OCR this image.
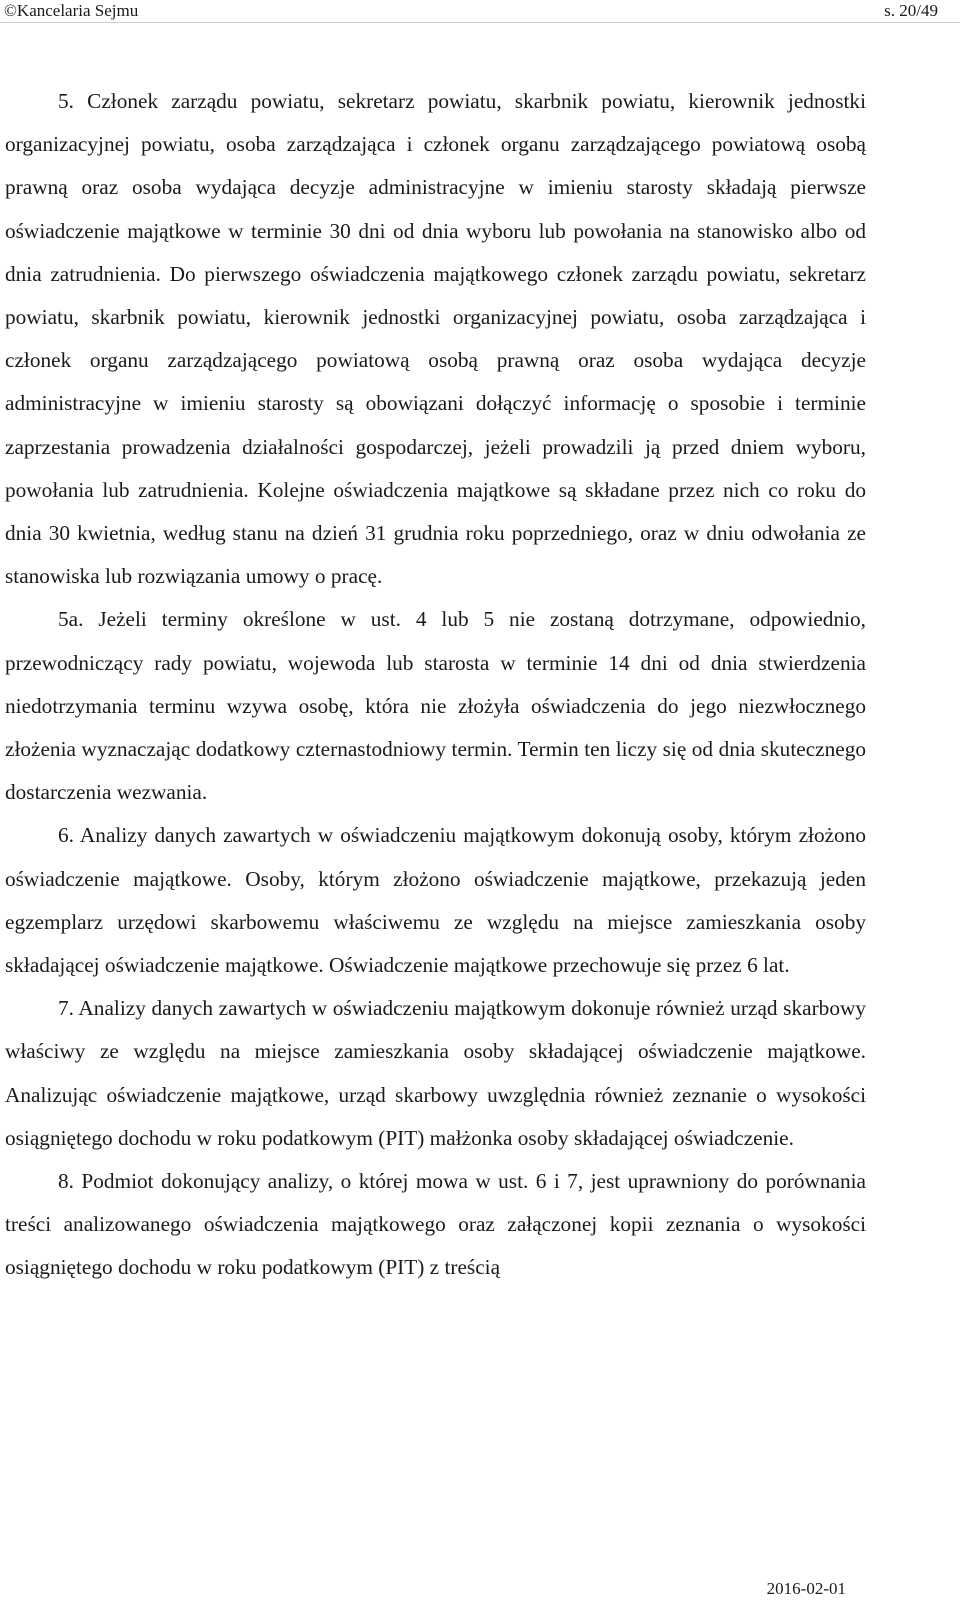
©Kancelaria Sejmu	s. 20/49

5. Członek zarządu powiatu, sekretarz powiatu, skarbnik powiatu, kierownik jednostki organizacyjnej powiatu, osoba zarządzająca i członek organu zarządzającego powiatową osobą prawną oraz osoba wydająca decyzje administracyjne w imieniu starosty składają pierwsze oświadczenie majątkowe w terminie 30 dni od dnia wyboru lub powołania na stanowisko albo od dnia zatrudnienia. Do pierwszego oświadczenia majątkowego członek zarządu powiatu, sekretarz powiatu, skarbnik powiatu, kierownik jednostki organizacyjnej powiatu, osoba zarządzająca i członek organu zarządzającego powiatową osobą prawną oraz osoba wydająca decyzje administracyjne w imieniu starosty są obowiązani dołączyć informację o sposobie i terminie zaprzestania prowadzenia działalności gospodarczej, jeżeli prowadzili ją przed dniem wyboru, powołania lub zatrudnienia. Kolejne oświadczenia majątkowe są składane przez nich co roku do dnia 30 kwietnia, według stanu na dzień 31 grudnia roku poprzedniego, oraz w dniu odwołania ze stanowiska lub rozwiązania umowy o pracę.

5a. Jeżeli terminy określone w ust. 4 lub 5 nie zostaną dotrzymane, odpowiednio, przewodniczący rady powiatu, wojewoda lub starosta w terminie 14 dni od dnia stwierdzenia niedotrzymania terminu wzywa osobę, która nie złożyła oświadczenia do jego niezwłocznego złożenia wyznaczając dodatkowy czternastodniowy termin. Termin ten liczy się od dnia skutecznego dostarczenia wezwania.

6. Analizy danych zawartych w oświadczeniu majątkowym dokonują osoby, którym złożono oświadczenie majątkowe. Osoby, którym złożono oświadczenie majątkowe, przekazują jeden egzemplarz urzędowi skarbowemu właściwemu ze względu na miejsce zamieszkania osoby składającej oświadczenie majątkowe. Oświadczenie majątkowe przechowuje się przez 6 lat.

7. Analizy danych zawartych w oświadczeniu majątkowym dokonuje również urząd skarbowy właściwy ze względu na miejsce zamieszkania osoby składającej oświadczenie majątkowe. Analizując oświadczenie majątkowe, urząd skarbowy uwzględnia również zeznanie o wysokości osiągniętego dochodu w roku podatkowym (PIT) małżonka osoby składającej oświadczenie.

8. Podmiot dokonujący analizy, o której mowa w ust. 6 i 7, jest uprawniony do porównania treści analizowanego oświadczenia majątkowego oraz załączonej kopii zeznania o wysokości osiągniętego dochodu w roku podatkowym (PIT) z treścią

2016-02-01
